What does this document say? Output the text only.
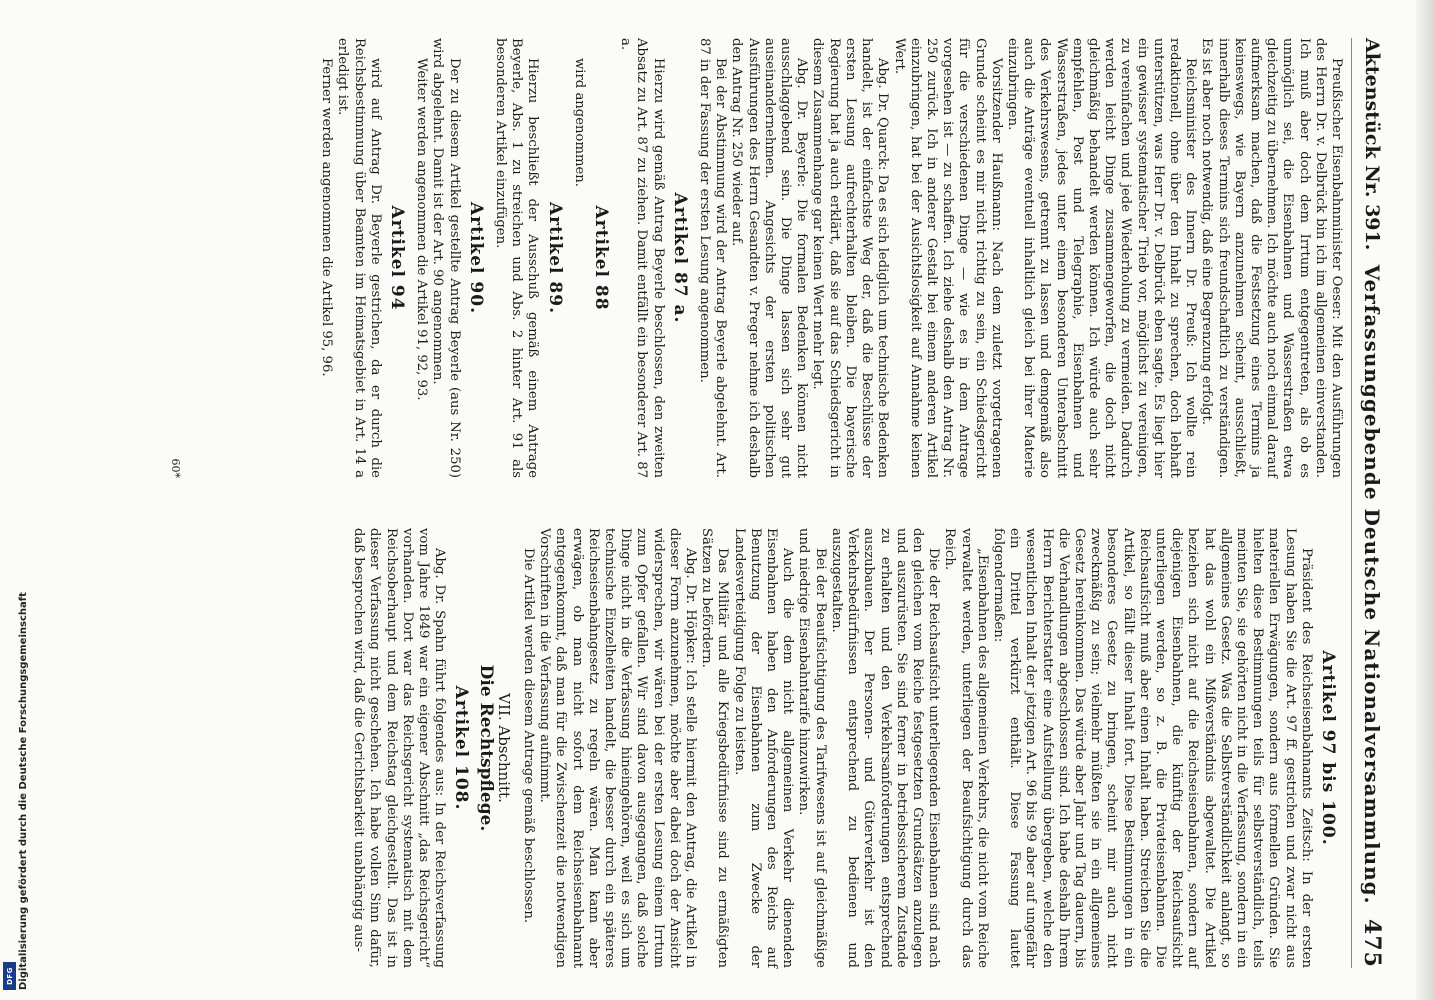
Digitalisierung gefördert durch die Deutsche Forschungsgemeinschaft
DFG
Aktenstück Nr. 391.
Verfassunggebende Deutsche Nationalversammlung.
475

Artikel 97 bis 100.

Präsident des Reichseisenbahnamts Zeitsch: In der ersten Lesung haben Sie die Art. 97 ff. gestrichen und zwar nicht aus materiellen Erwägungen, sondern aus formellen Gründen. Sie hielten diese Bestimmungen teils für selbstverständlich, teils meinten Sie, sie gehörten nicht in die Verfassung, sondern in ein allgemeines Gesetz. Was die Selbstverständlichkeit anlangt, so hat das wohl ein Mißverständnis abgewaltet. Die Artikel beziehen sich nicht auf die Reichseisenbahnen, sondern auf diejenigen Eisenbahnen, die künftig der Reichsaufsicht unterliegen werden, so z. B. die Privateisenbahnen. Die Reichsaufsicht muß aber einen Inhalt haben. Streichen Sie die Artikel, so fällt dieser Inhalt fort. Diese Bestimmungen in ein besonderes Gesetz zu bringen, scheint mir auch nicht zweckmäßig zu sein; vielmehr müßten sie in ein allgemeines Gesetz hereinkommen. Das würde aber Jahr und Tag dauern, bis die Verhandlungen abgeschlossen sind. Ich habe deshalb Ihrem Herrn Berichterstatter eine Aufstellung übergeben, welche den wesentlichen Inhalt der jetzigen Art. 96 bis 99 aber auf ungefähr ein Drittel verkürzt enthält. Diese Fassung lautet folgendermaßen:

„Eisenbahnen des allgemeinen Verkehrs, die nicht vom Reiche verwaltet werden, unterliegen der Beaufsichtigung durch das Reich.

Die der Reichsaufsicht unterliegenden Eisenbahnen sind nach den gleichen vom Reiche festgesetzten Grundsätzen anzulegen und auszurüsten. Sie sind ferner in betriebssicherem Zustande zu erhalten und den Verkehrsanforderungen entsprechend auszubauen. Der Personen- und Güterverkehr ist den Verkehrsbedürfnissen entsprechend zu bedienen und auszugestalten.

Bei der Beaufsichtigung des Tarifwesens ist auf gleichmäßige und niedrige Eisenbahntarife hinzuwirken.

Auch die dem nicht allgemeinen Verkehr dienenden Eisenbahnen haben den Anforderungen des Reichs auf Benutzung der Eisenbahnen zum Zwecke der Landesverteidigung Folge zu leisten.

Das Militär und alle Kriegsbedürfnisse sind zu ermäßigten Sätzen zu befördern.

Abg. Dr. Höpker: Ich stelle hiermit den Antrag, die Artikel in dieser Form anzunehmen, möchte aber dabei doch der Ansicht widersprechen, wir wären bei der ersten Lesung einem Irrtum zum Opfer gefallen. Wir sind davon ausgegangen, daß solche Dinge nicht in die Verfassung hineingehören, weil es sich um technische Einzelheiten handelt, die besser durch ein späteres Reichseisenbahngesetz zu regeln wären. Man kann aber erwägen, ob man nicht sofort dem Reichseisenbahnamt entgegenkommt, daß man für die Zwischenzeit die notwendigen Vorschriften in die Verfassung aufnimmt.

Die Artikel werden diesem Antrage gemäß beschlossen.

VII. Abschnitt.

Die Rechtspflege.

Artikel 108.

Abg. Dr. Spahn führt folgendes aus: In der Reichsverfassung vom Jahre 1849 war ein eigener Abschnitt „das Reichsgericht“ vorhanden. Dort war das Reichsgericht systematisch mit dem Reichsoberhaupt und dem Reichstag gleichgestellt. Das ist in dieser Verfassung nicht geschehen. Ich habe vollen Sinn dafür, daß besprochen wird, daß die Gerichtsbarkeit unabhängig aus-

Preußischer Eisenbahnminister Oeser: Mit den Ausführungen des Herrn Dr. v. Delbrück bin ich im allgemeinen einverstanden. Ich muß aber doch dem Irrtum entgegentreten, als ob es unmöglich sei, die Eisenbahnen und Wasserstraßen etwa gleichzeitig zu übernehmen. Ich möchte auch noch einmal darauf aufmerksam machen, daß die Festsetzung eines Termins ja keineswegs, wie Bayern anzunehmen scheint, ausschließt, innerhalb dieses Termins sich freundschaftlich zu verständigen. Es ist aber noch notwendig, daß eine Begrenzung erfolgt.

Reichsminister des Innern Dr. Preuß: Ich wollte rein redaktionell, ohne über den Inhalt zu sprechen, doch lebhaft unterstützen, was Herr Dr. v. Delbrück eben sagte. Es liegt hier ein gewisser systematischer Trieb vor, möglichst zu vereinigen, zu vereinfachen und jede Wiederholung zu vermeiden. Dadurch werden leicht Dinge zusammengeworfen, die doch nicht gleichmäßig behandelt werden können. Ich würde auch sehr empfehlen, Post und Telegraphie, Eisenbahnen und Wasserstraßen, jedes unter einem besonderen Unterabschnitt des Verkehrswesens, getrennt zu lassen und demgemäß also auch die Anträge eventuell inhaltlich gleich bei ihrer Materie einzubringen.

Vorsitzender Haußmann: Nach dem zuletzt vorgetragenen Grunde scheint es mir nicht richtig zu sein, ein Schiedsgericht für die verschiedenen Dinge — wie es in dem Antrage vorgesehen ist — zu schaffen. Ich ziehe deshalb den Antrag Nr. 250 zurück. Ich in anderer Gestalt bei einem anderen Artikel einzubringen, hat bei der Ausichtslosigkeit auf Annahme keinen Wert.

Abg. Dr. Quarck: Da es sich lediglich um technische Bedenken handelt, ist der einfachste Weg der, daß die Beschlüsse der ersten Lesung aufrechterhalten bleiben. Die bayerische Regierung hat ja auch erklärt, daß sie auf das Schiedsgericht in diesem Zusammenhange gar keinen Wert mehr legt.

Abg. Dr. Beyerle: Die formalen Bedenken können nicht ausschlaggebend sein. Die Dinge lassen sich sehr gut auseinandernehmen. Angesichts der ersten politischen Ausführungen des Herrn Gesandten v. Preger nehme ich deshalb den Antrag Nr. 250 wieder auf.

Bei der Abstimmung wird der Antrag Beyerle abgelehnt. Art. 87 in der Fassung der ersten Lesung angenommen.

Artikel 87 a.

Hierzu wird gemäß Antrag Beyerle beschlossen, den zweiten Absatz zu Art. 87 zu ziehen. Damit entfällt ein besonderer Art. 87 a.

Artikel 88

wird angenommen.

Artikel 89.

Hierzu beschließt der Ausschuß gemäß einem Antrage Beyerle, Abs. 1 zu streichen und Abs. 2 hinter Art. 91 als besonderen Artikel einzufügen.

Artikel 90.

Der zu diesem Artikel gestellte Antrag Beyerle (aus Nr. 250) wird abgelehnt. Damit ist der Art. 90 angenommen.

Weiter werden angenommen die Artikel 91, 92, 93.

Artikel 94

wird auf Antrag Dr. Beyerle gestrichen, da er durch die Reichsbestimmung über Beamten im Heimatsgebiet in Art. 14 a erledigt ist.

Ferner werden angenommen die Artikel 95, 96.

60*
